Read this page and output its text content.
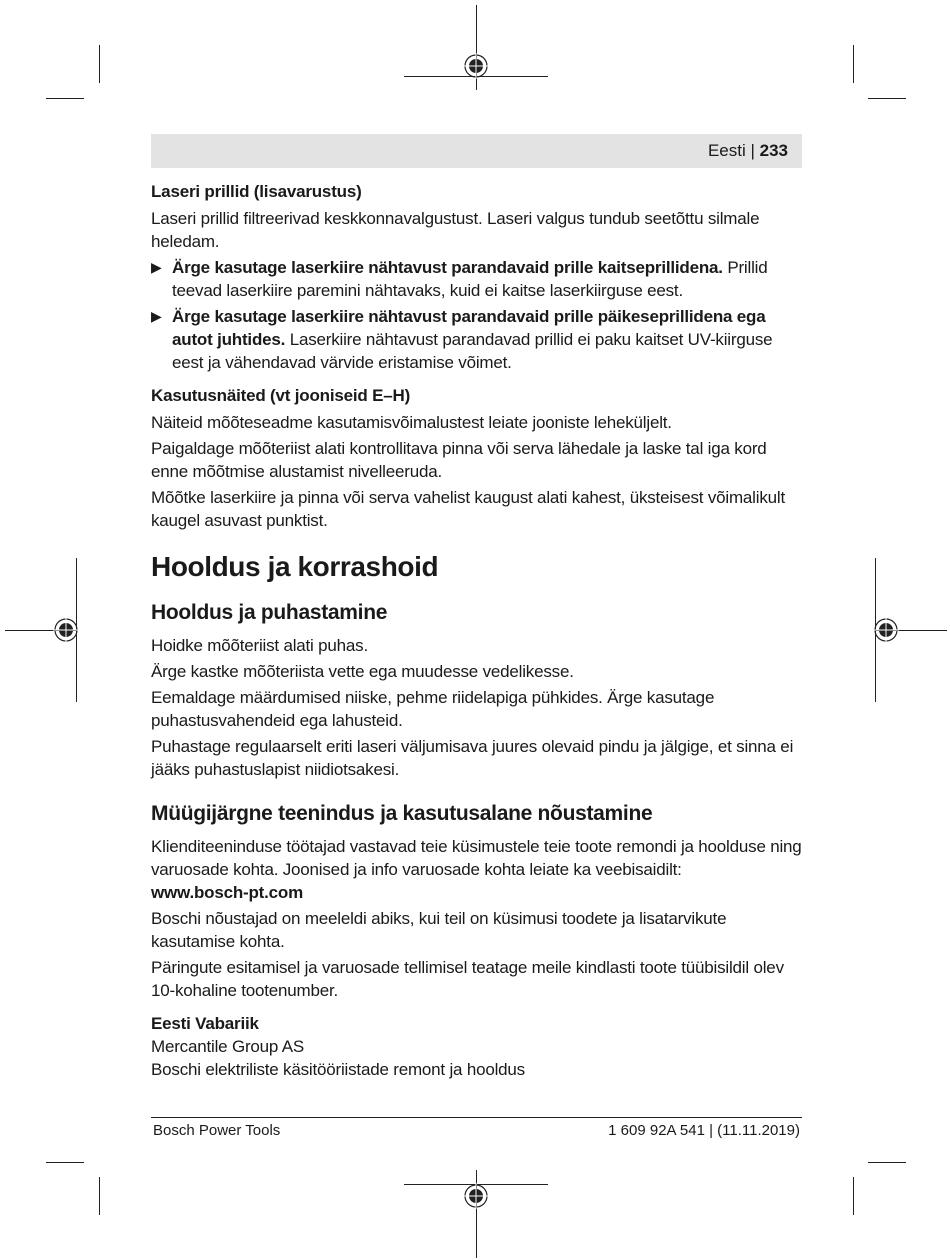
Eesti | 233
Laseri prillid (lisavarustus)

Laseri prillid filtreerivad keskkonnavalgustust. Laseri valgus tundub seetõttu silmale heledam.

▶ Ärge kasutage laserkiire nähtavust parandavaid prille kaitseprillidena. Prillid teevad laserkiire paremini nähtavaks, kuid ei kaitse laserkiirguse eest.
▶ Ärge kasutage laserkiire nähtavust parandavaid prille päikeseprillidena ega autot juhtides. Laserkiire nähtavust parandavad prillid ei paku kaitset UV-kiirguse eest ja vähendavad värvide eristamise võimet.
Kasutusnäited (vt jooniseid E–H)

Näiteid mõõteseadme kasutamisvõimalustest leiate jooniste leheküljelt.

Paigaldage mõõteriist alati kontrollitava pinna või serva lähedale ja laske tal iga kord enne mõõtmise alustamist nivelleeruda.

Mõõtke laserkiire ja pinna või serva vahelist kaugust alati kahest, üksteisest võimalikult kaugel asuvast punktist.

Hooldus ja korrashoid
Hooldus ja puhastamine

Hoidke mõõteriist alati puhas.

Ärge kastke mõõteriista vette ega muudesse vedelikesse.

Eemaldage määrdumised niiske, pehme riidelapiga pühkides. Ärge kasutage puhastusvahendeid ega lahusteid.

Puhastage regulaarselt eriti laseri väljumisava juures olevaid pindu ja jälgige, et sinna ei jääks puhastuslapist niidiotsakesi.

Müügijärgne teenindus ja kasutusalane nõustamine

Klienditeeninduse töötajad vastavad teie küsimustele teie toote remondi ja hoolduse ning varuosade kohta. Joonised ja info varuosade kohta leiate ka veebisaidilt:

www.bosch-pt.com

Boschi nõustajad on meeleldi abiks, kui teil on küsimusi toodete ja lisatarvikute kasutamise kohta.

Päringute esitamisel ja varuosade tellimisel teatage meile kindlasti toote tüübisildil olev 10-kohaline tootenumber.

Eesti Vabariik

Mercantile Group AS

Boschi elektriliste käsitööriistade remont ja hooldus

Bosch Power Tools	1 609 92A 541 | (11.11.2019)
